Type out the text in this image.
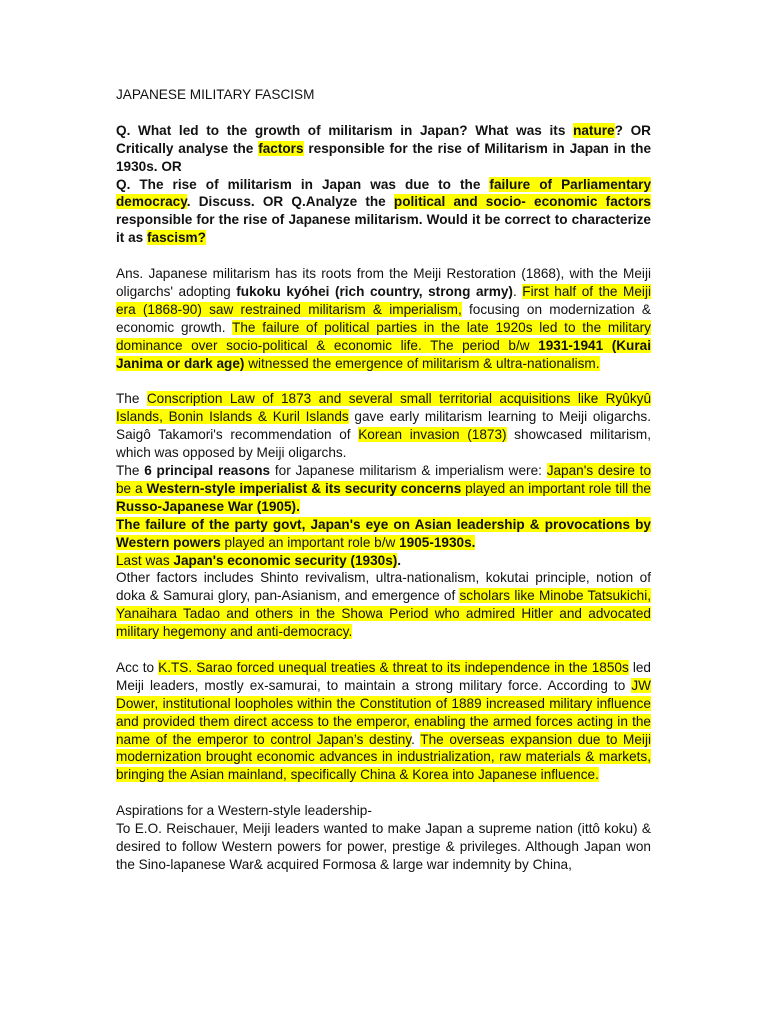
JAPANESE MILITARY FASCISM

Q. What led to the growth of militarism in Japan? What was its nature? OR Critically analyse the factors responsible for the rise of Militarism in Japan in the 1930s. OR

Q. The rise of militarism in Japan was due to the failure of Parliamentary democracy. Discuss. OR Q.Analyze the political and socio- economic factors responsible for the rise of Japanese militarism. Would it be correct to characterize it as fascism?

Ans. Japanese militarism has its roots from the Meiji Restoration (1868), with the Meiji oligarchs' adopting fukoku kyóhei (rich country, strong army). First half of the Meiji era (1868-90) saw restrained militarism & imperialism, focusing on modernization & economic growth. The failure of political parties in the late 1920s led to the military dominance over socio-political & economic life. The period b/w 1931-1941 (Kurai Janima or dark age) witnessed the emergence of militarism & ultra-nationalism.

The Conscription Law of 1873 and several small territorial acquisitions like Ryûkyû Islands, Bonin Islands & Kuril Islands gave early militarism learning to Meiji oligarchs. Saigô Takamori's recommendation of Korean invasion (1873) showcased militarism, which was opposed by Meiji oligarchs.

The 6 principal reasons for Japanese militarism & imperialism were: Japan's desire to be a Western-style imperialist & its security concerns played an important role till the Russo-Japanese War (1905).

The failure of the party govt, Japan's eye on Asian leadership & provocations by Western powers played an important role b/w 1905-1930s.

Last was Japan's economic security (1930s).

Other factors includes Shinto revivalism, ultra-nationalism, kokutai principle, notion of doka & Samurai glory, pan-Asianism, and emergence of scholars like Minobe Tatsukichi, Yanaihara Tadao and others in the Showa Period who admired Hitler and advocated military hegemony and anti-democracy.

Acc to K.TS. Sarao forced unequal treaties & threat to its independence in the 1850s led Meiji leaders, mostly ex-samurai, to maintain a strong military force. According to JW Dower, institutional loopholes within the Constitution of 1889 increased military influence and provided them direct access to the emperor, enabling the armed forces acting in the name of the emperor to control Japan’s destiny. The overseas expansion due to Meiji modernization brought economic advances in industrialization, raw materials & markets, bringing the Asian mainland, specifically China & Korea into Japanese influence.

Aspirations for a Western-style leadership-

To E.O. Reischauer, Meiji leaders wanted to make Japan a supreme nation (ittô koku) & desired to follow Western powers for power, prestige & privileges. Although Japan won the Sino-lapanese War& acquired Formosa & large war indemnity by China,
